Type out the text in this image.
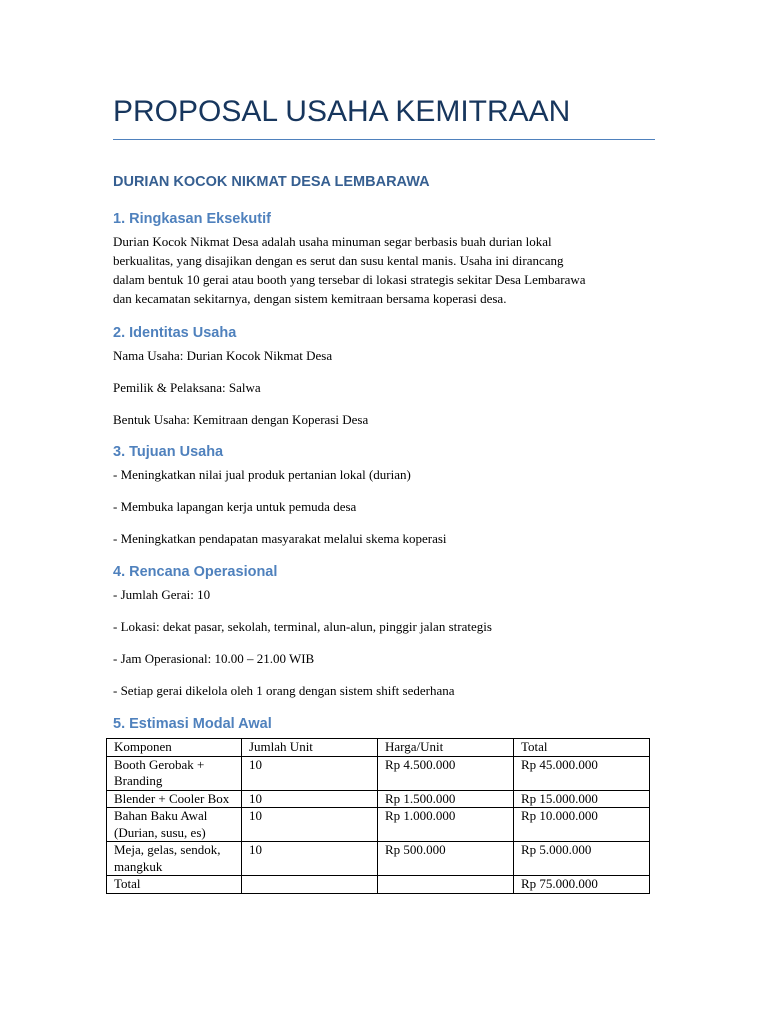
PROPOSAL USAHA KEMITRAAN
DURIAN KOCOK NIKMAT DESA LEMBARAWA
1. Ringkasan Eksekutif

Durian Kocok Nikmat Desa adalah usaha minuman segar berbasis buah durian lokal
berkualitas, yang disajikan dengan es serut dan susu kental manis. Usaha ini dirancang
dalam bentuk 10 gerai atau booth yang tersebar di lokasi strategis sekitar Desa Lembarawa
dan kecamatan sekitarnya, dengan sistem kemitraan bersama koperasi desa.

2. Identitas Usaha

Nama Usaha: Durian Kocok Nikmat Desa

Pemilik & Pelaksana: Salwa

Bentuk Usaha: Kemitraan dengan Koperasi Desa

3. Tujuan Usaha

- Meningkatkan nilai jual produk pertanian lokal (durian)

- Membuka lapangan kerja untuk pemuda desa

- Meningkatkan pendapatan masyarakat melalui skema koperasi

4. Rencana Operasional

- Jumlah Gerai: 10

- Lokasi: dekat pasar, sekolah, terminal, alun-alun, pinggir jalan strategis

- Jam Operasional: 10.00 – 21.00 WIB

- Setiap gerai dikelola oleh 1 orang dengan sistem shift sederhana

5. Estimasi Modal Awal
Komponen	Jumlah Unit	Harga/Unit	Total
Booth Gerobak + Branding	10	Rp 4.500.000	Rp 45.000.000
Blender + Cooler Box	10	Rp 1.500.000	Rp 15.000.000
Bahan Baku Awal (Durian, susu, es)	10	Rp 1.000.000	Rp 10.000.000
Meja, gelas, sendok, mangkuk	10	Rp 500.000	Rp 5.000.000
Total			Rp 75.000.000
